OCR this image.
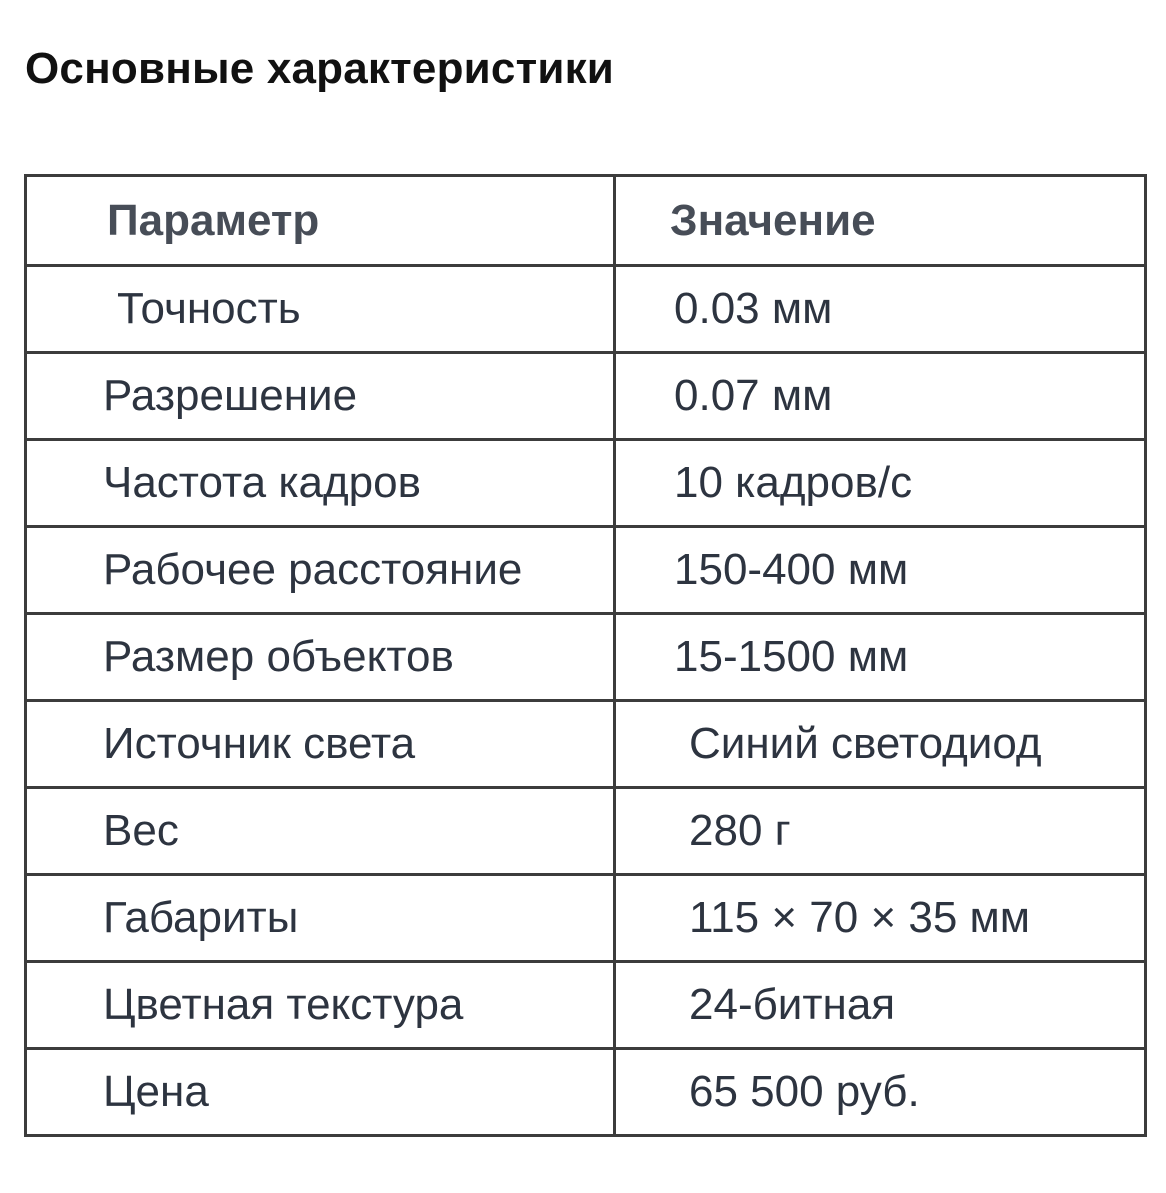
Основные характеристики
Параметр	Значение
Точность	0.03 мм
Разрешение	0.07 мм
Частота кадров	10 кадров/с
Рабочее расстояние	150-400 мм
Размер объектов	15-1500 мм
Источник света	Синий светодиод
Вес	280 г
Габариты	115 × 70 × 35 мм
Цветная текстура	24-битная
Цена	65 500 руб.
